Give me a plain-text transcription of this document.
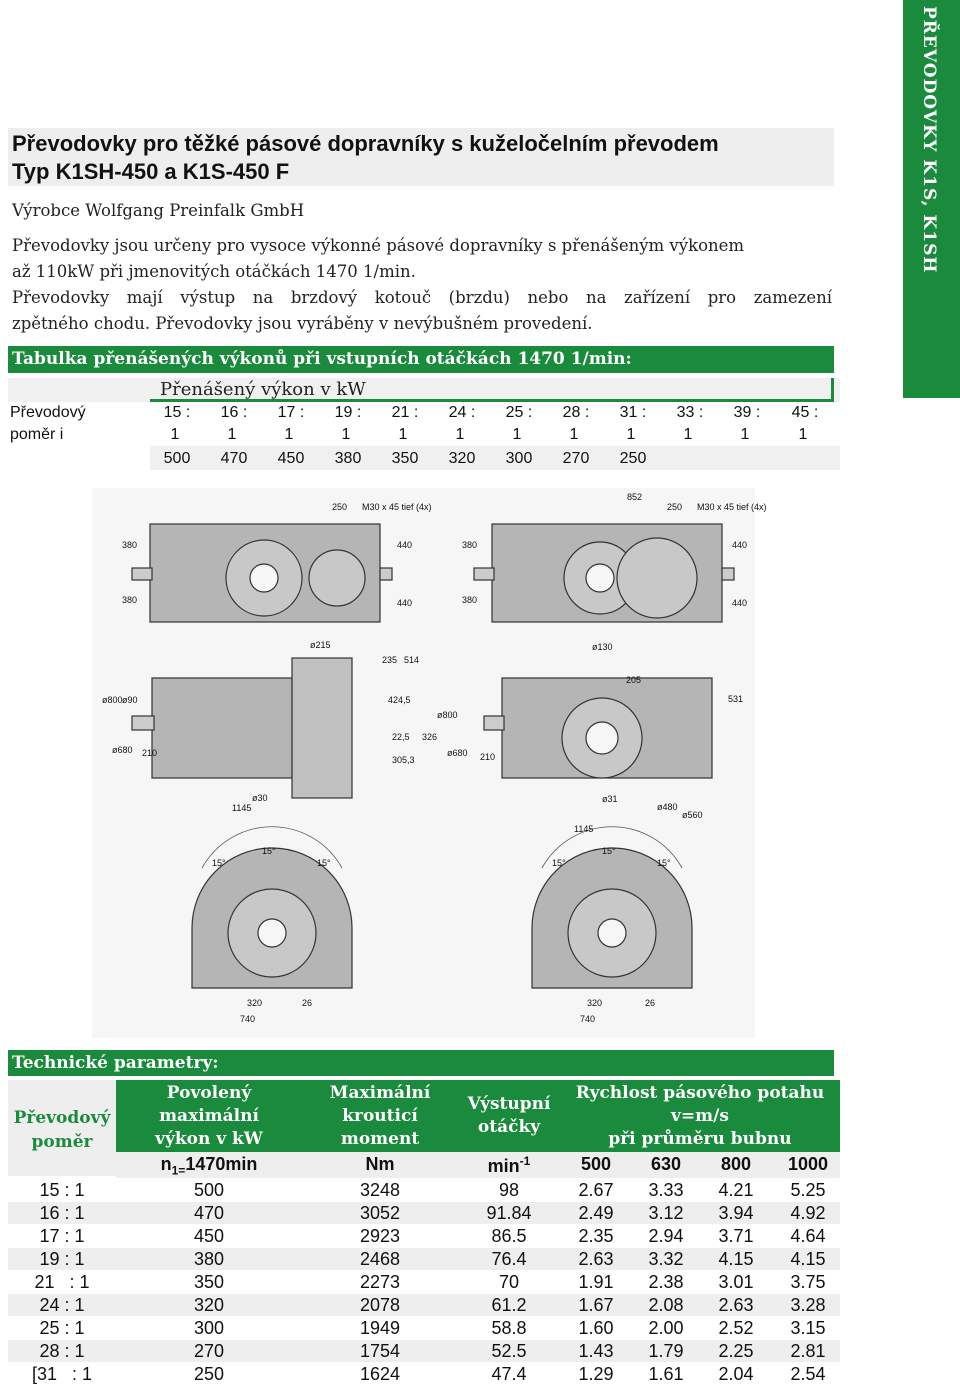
PŘEVODOVKY K1S, K1SH
Převodovky pro těžké pásové dopravníky s kuželočelním převodem
Typ K1SH-450 a K1S-450 F
Výrobce Wolfgang Preinfalk GmbH
Převodovky jsou určeny pro vysoce výkonné pásové dopravníky s přenášeným výkonem
až 110kW při jmenovitých otáčkách 1470 1/min.
Převodovky mají výstup na brzdový kotouč (brzdu) nebo na zařízení pro zamezení
zpětného chodu. Převodovky jsou vyráběny v nevýbušném provedení.
Tabulka přenášených výkonů při vstupních otáčkách 1470 1/min:
Přenášený výkon v kW
Převodový
poměr i
15 :	16 :	17 :	19 :	21 :	24 :	25 :	28 :	31 :	33 :	39 :	45 :
1	1	1	1	1	1	1	1	1	1	1	1
500	470	450	380	350	320	300	270	250
250 M30 x 45 tief (4x)
852
250 M30 x 45 tief (4x)
380
380
440
440
380
380
440
440
ø215
235 514
424,5
22,5
305,3
326
ø800 ø90
ø680 210
1145
ø30
ø800
ø680 210
205
531
1145
ø31
ø480
ø560
ø130
15°
15°
15°	15°
15°
15°
320	26
740
320	26
740
Technické parametry:
Převodový
poměr
Povolený
maximální
výkon v kW
Maximální
krouticí
moment
Výstupní
otáčky
Rychlost pásového potahu
v=m/s
při průměru bubnu
$n_{1=}1470\min$	Nm	$\min^{-1}$	500	630	800	1000
15 : 1	500	3248	98	2.67	3.33	4.21	5.25
16 : 1	470	3052	91.84	2.49	3.12	3.94	4.92
17 : 1	450	2923	86.5	2.35	2.94	3.71	4.64
19 : 1	380	2468	76.4	2.63	3.32	4.15	4.15
21   : 1	350	2273	70	1.91	2.38	3.01	3.75
24 : 1	320	2078	61.2	1.67	2.08	2.63	3.28
25 : 1	300	1949	58.8	1.60	2.00	2.52	3.15
28 : 1	270	1754	52.5	1.43	1.79	2.25	2.81
[31   : 1	250	1624	47.4	1.29	1.61	2.04	2.54
